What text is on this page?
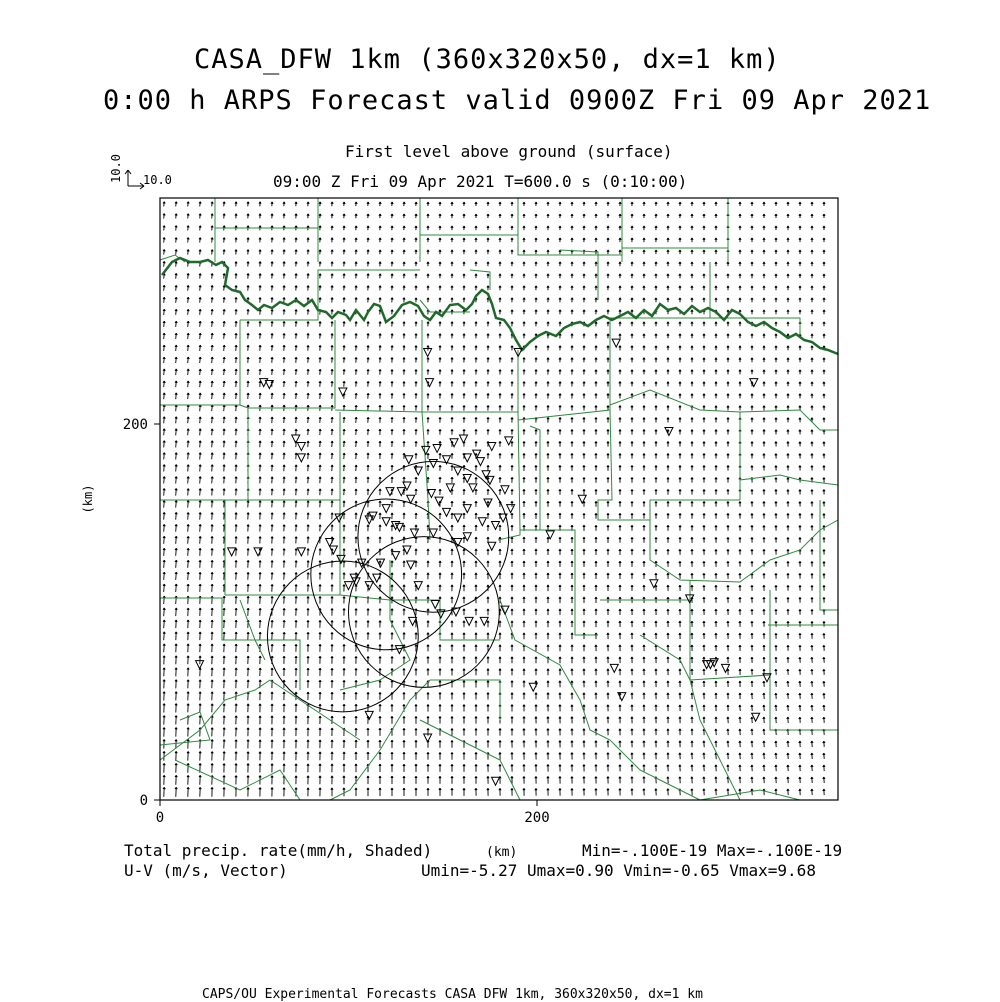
CASA_DFW 1km (360x320x50, dx=1 km)
0:00 h ARPS Forecast valid 0900Z Fri 09 Apr 2021
First level above ground (surface)
09:00 Z Fri 09 Apr 2021 T=600.0 s (0:10:00)
10.0
10.0
0	200
0
200
(km)
(km)
Total precip. rate(mm/h, Shaded)	Min=-.100E-19 Max=-.100E-19
U-V (m/s, Vector)	Umin=-5.27 Umax=0.90 Vmin=-0.65 Vmax=9.68
CAPS/OU Experimental Forecasts CASA DFW 1km, 360x320x50, dx=1 km
